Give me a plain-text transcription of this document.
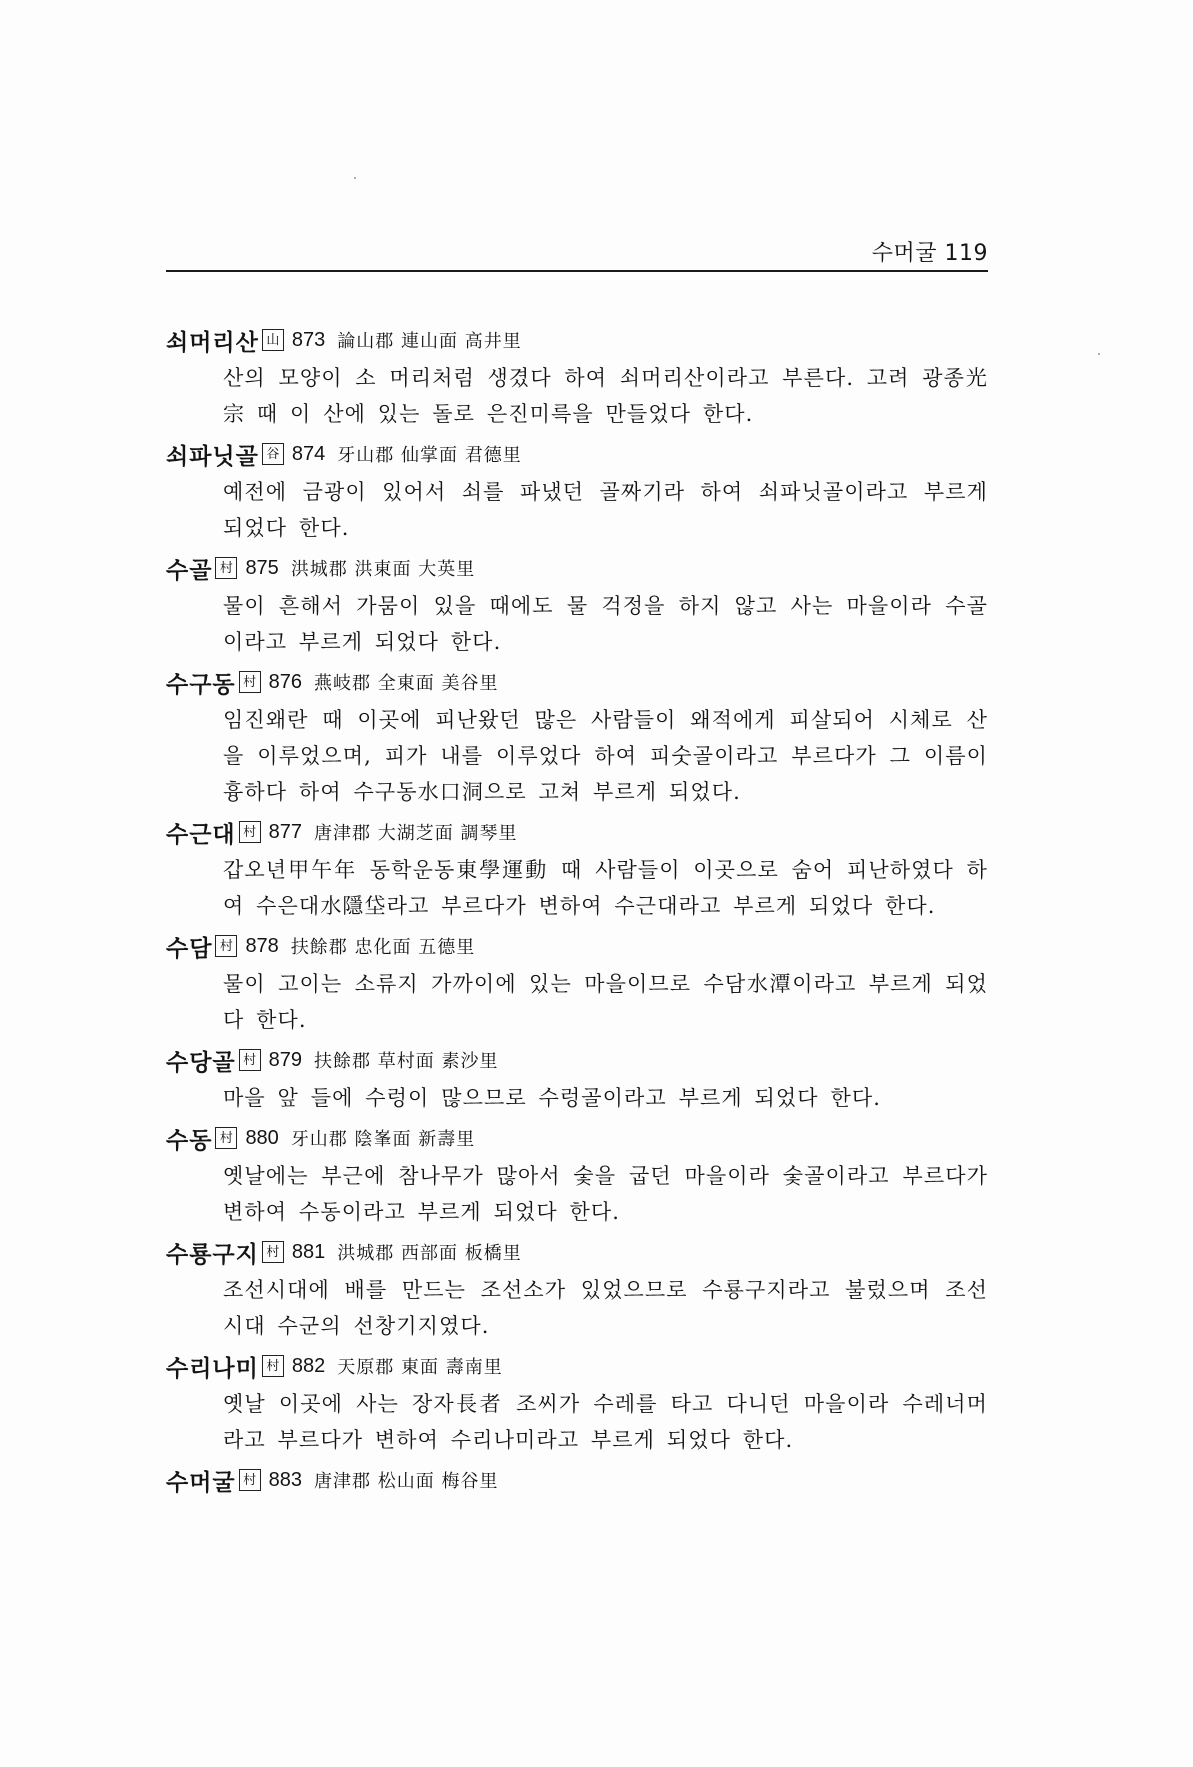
수머굴 119
쇠머리산 山 873 論山郡 連山面 高井里
산의 모양이 소 머리처럼 생겼다 하여 쇠머리산이라고 부른다. 고려 광종光宗 때 이 산에 있는 돌로 은진미륵을 만들었다 한다.
쇠파닛골 谷 874 牙山郡 仙掌面 君德里
예전에 금광이 있어서 쇠를 파냈던 골짜기라 하여 쇠파닛골이라고 부르게 되었다 한다.
수골 村 875 洪城郡 洪東面 大英里
물이 흔해서 가뭄이 있을 때에도 물 걱정을 하지 않고 사는 마을이라 수골이라고 부르게 되었다 한다.
수구동 村 876 燕岐郡 全東面 美谷里
임진왜란 때 이곳에 피난왔던 많은 사람들이 왜적에게 피살되어 시체로 산을 이루었으며, 피가 내를 이루었다 하여 피숫골이라고 부르다가 그 이름이 흉하다 하여 수구동水口洞으로 고쳐 부르게 되었다.
수근대 村 877 唐津郡 大湖芝面 調琴里
갑오년甲午年 동학운동東學運動 때 사람들이 이곳으로 숨어 피난하였다 하여 수은대水隱垈라고 부르다가 변하여 수근대라고 부르게 되었다 한다.
수담 村 878 扶餘郡 忠化面 五德里
물이 고이는 소류지 가까이에 있는 마을이므로 수담水潭이라고 부르게 되었다 한다.
수당골 村 879 扶餘郡 草村面 素沙里
마을 앞 들에 수렁이 많으므로 수렁골이라고 부르게 되었다 한다.
수동 村 880 牙山郡 陰峯面 新壽里
옛날에는 부근에 참나무가 많아서 숯을 굽던 마을이라 숯골이라고 부르다가 변하여 수동이라고 부르게 되었다 한다.
수룡구지 村 881 洪城郡 西部面 板橋里
조선시대에 배를 만드는 조선소가 있었으므로 수룡구지라고 불렀으며 조선시대 수군의 선창기지였다.
수리나미 村 882 天原郡 東面 壽南里
옛날 이곳에 사는 장자長者 조씨가 수레를 타고 다니던 마을이라 수레너머라고 부르다가 변하여 수리나미라고 부르게 되었다 한다.
수머굴 村 883 唐津郡 松山面 梅谷里
